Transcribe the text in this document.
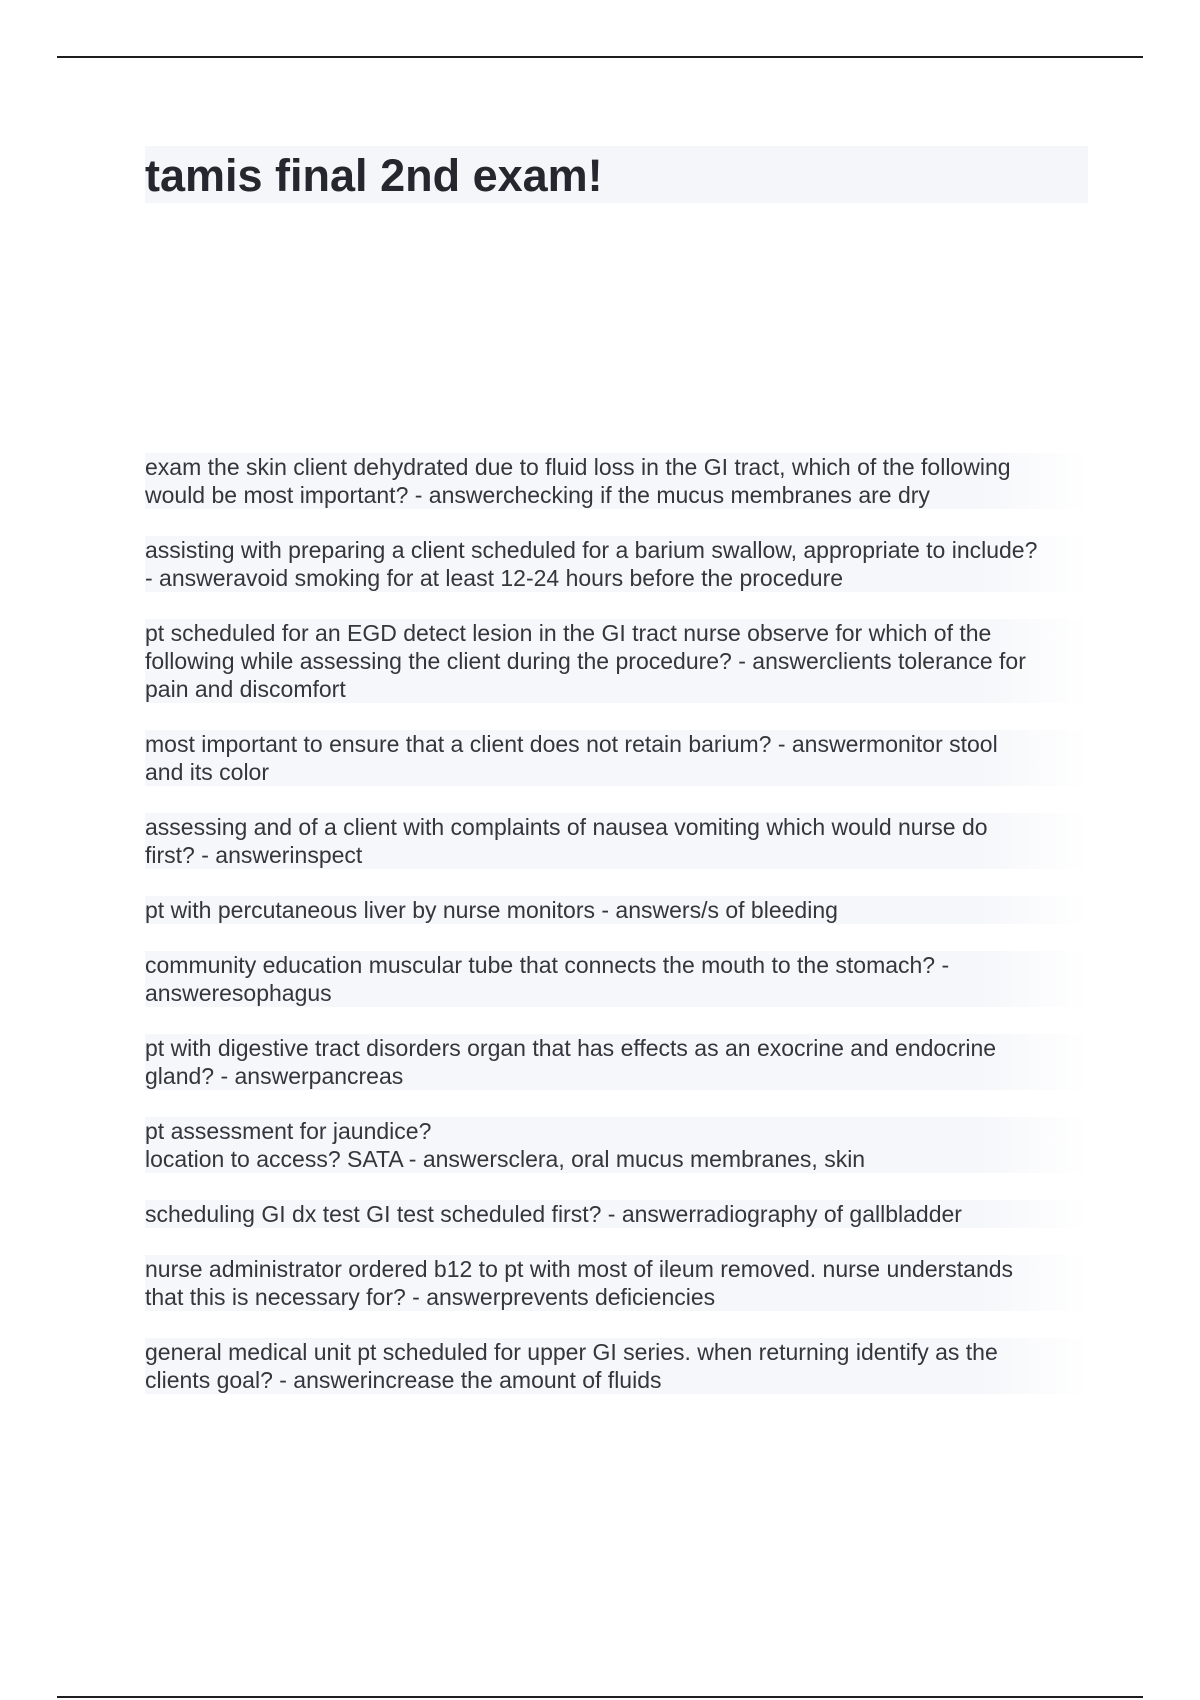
tamis final 2nd exam!
exam the skin client dehydrated due to fluid loss in the GI tract, which of the following
would be most important? - answerchecking if the mucus membranes are dry
assisting with preparing a client scheduled for a barium swallow, appropriate to include?
- answeravoid smoking for at least 12-24 hours before the procedure
pt scheduled for an EGD detect lesion in the GI tract nurse observe for which of the
following while assessing the client during the procedure? - answerclients tolerance for
pain and discomfort
most important to ensure that a client does not retain barium? - answermonitor stool
and its color
assessing and of a client with complaints of nausea vomiting which would nurse do
first? - answerinspect
pt with percutaneous liver by nurse monitors - answers/s of bleeding
community education muscular tube that connects the mouth to the stomach? -
answeresophagus
pt with digestive tract disorders organ that has effects as an exocrine and endocrine
gland? - answerpancreas
pt assessment for jaundice?
location to access? SATA - answersclera, oral mucus membranes, skin
scheduling GI dx test GI test scheduled first? - answerradiography of gallbladder
nurse administrator ordered b12 to pt with most of ileum removed. nurse understands
that this is necessary for? - answerprevents deficiencies
general medical unit pt scheduled for upper GI series. when returning identify as the
clients goal? - answerincrease the amount of fluids
